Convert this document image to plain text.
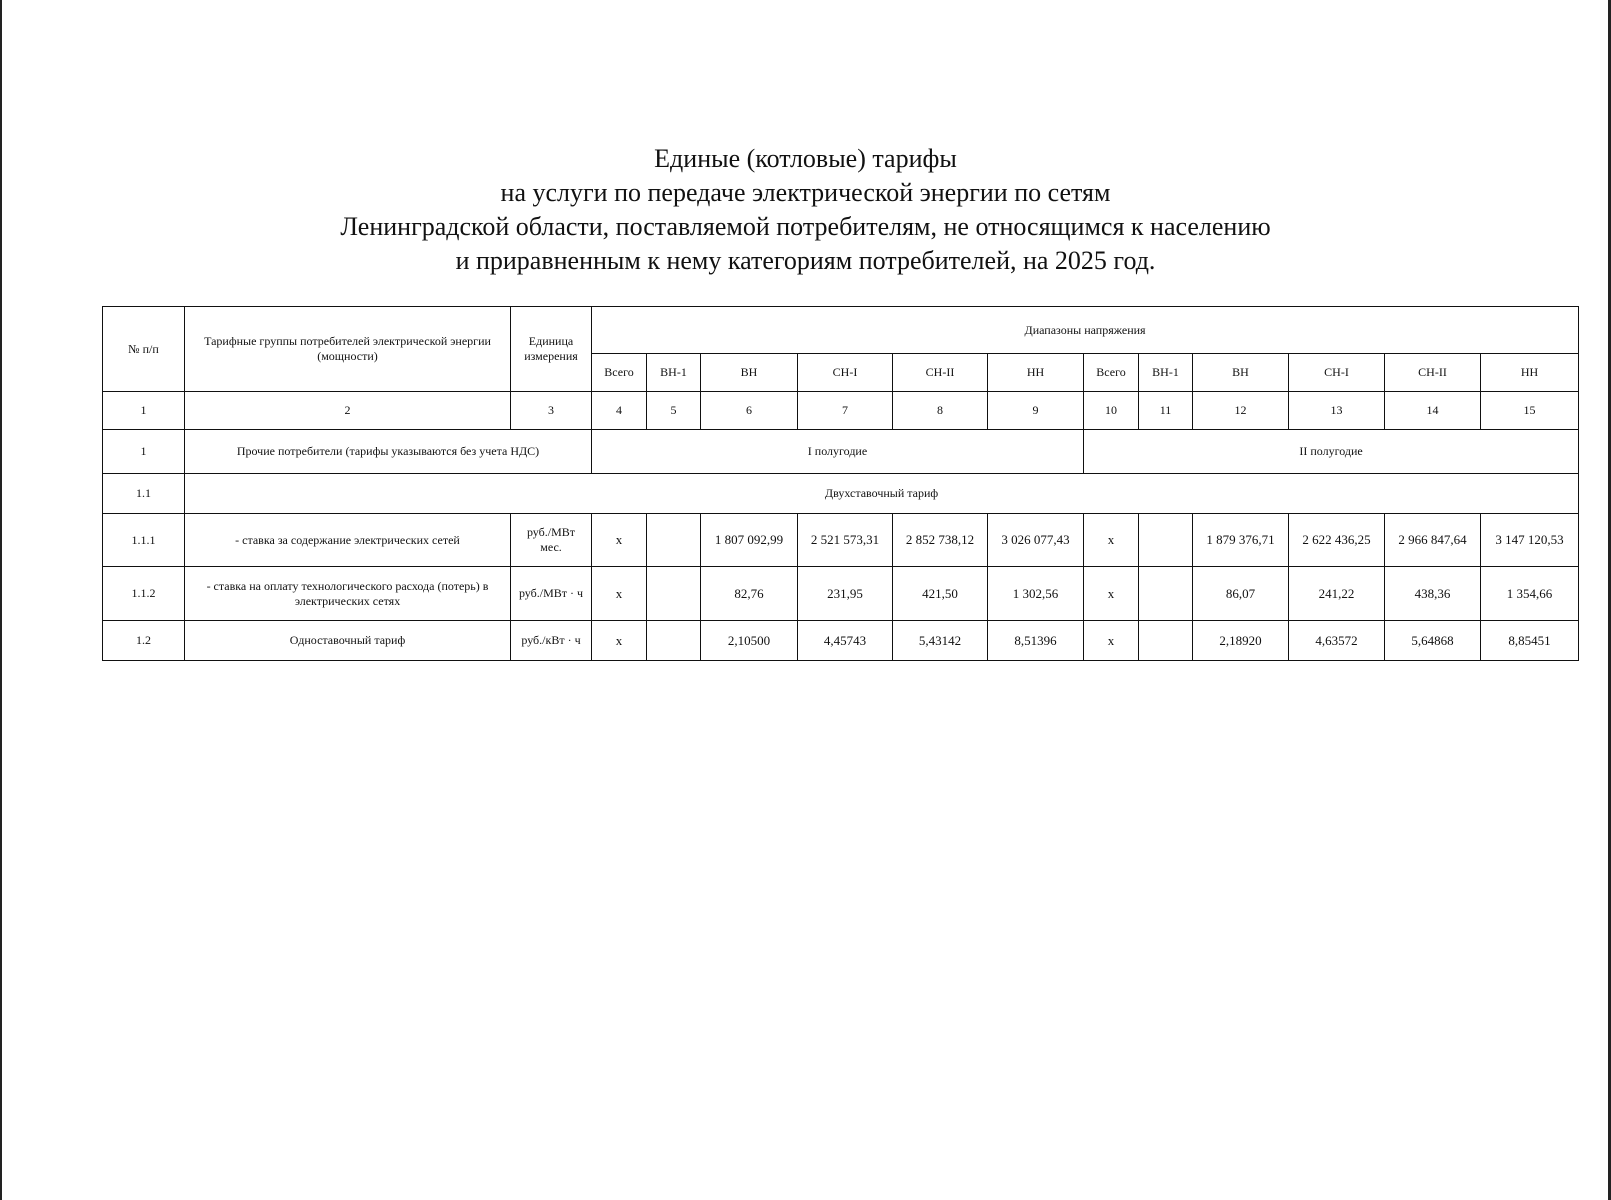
Единые (котловые) тарифы
на услуги по передаче электрической энергии по сетям
Ленинградской области, поставляемой потребителям, не относящимся к населению
и приравненным к нему категориям потребителей, на 2025 год.
№ п/п	Тарифные группы потребителей электрической энергии (мощности)	Единица измерения	Диапазоны напряжения											
			Всего	ВН-1	ВН	СН-I	СН-II	НН	Всего	ВН-1	ВН	СН-I	СН-II	НН
1	2	3	4	5	6	7	8	9	10	11	12	13	14	15
1	Прочие потребители (тарифы указываются без учета НДС)		I полугодие						II полугодие					
1.1	Двухставочный тариф													
1.1.1	- ставка за содержание электрических сетей	руб./МВт мес.	х		1 807 092,99	2 521 573,31	2 852 738,12	3 026 077,43	х		1 879 376,71	2 622 436,25	2 966 847,64	3 147 120,53
1.1.2	- ставка на оплату технологического расхода (потерь) в электрических сетях	руб./МВт · ч	х		82,76	231,95	421,50	1 302,56	х		86,07	241,22	438,36	1 354,66
1.2	Одноставочный тариф	руб./кВт · ч	х		2,10500	4,45743	5,43142	8,51396	х		2,18920	4,63572	5,64868	8,85451
